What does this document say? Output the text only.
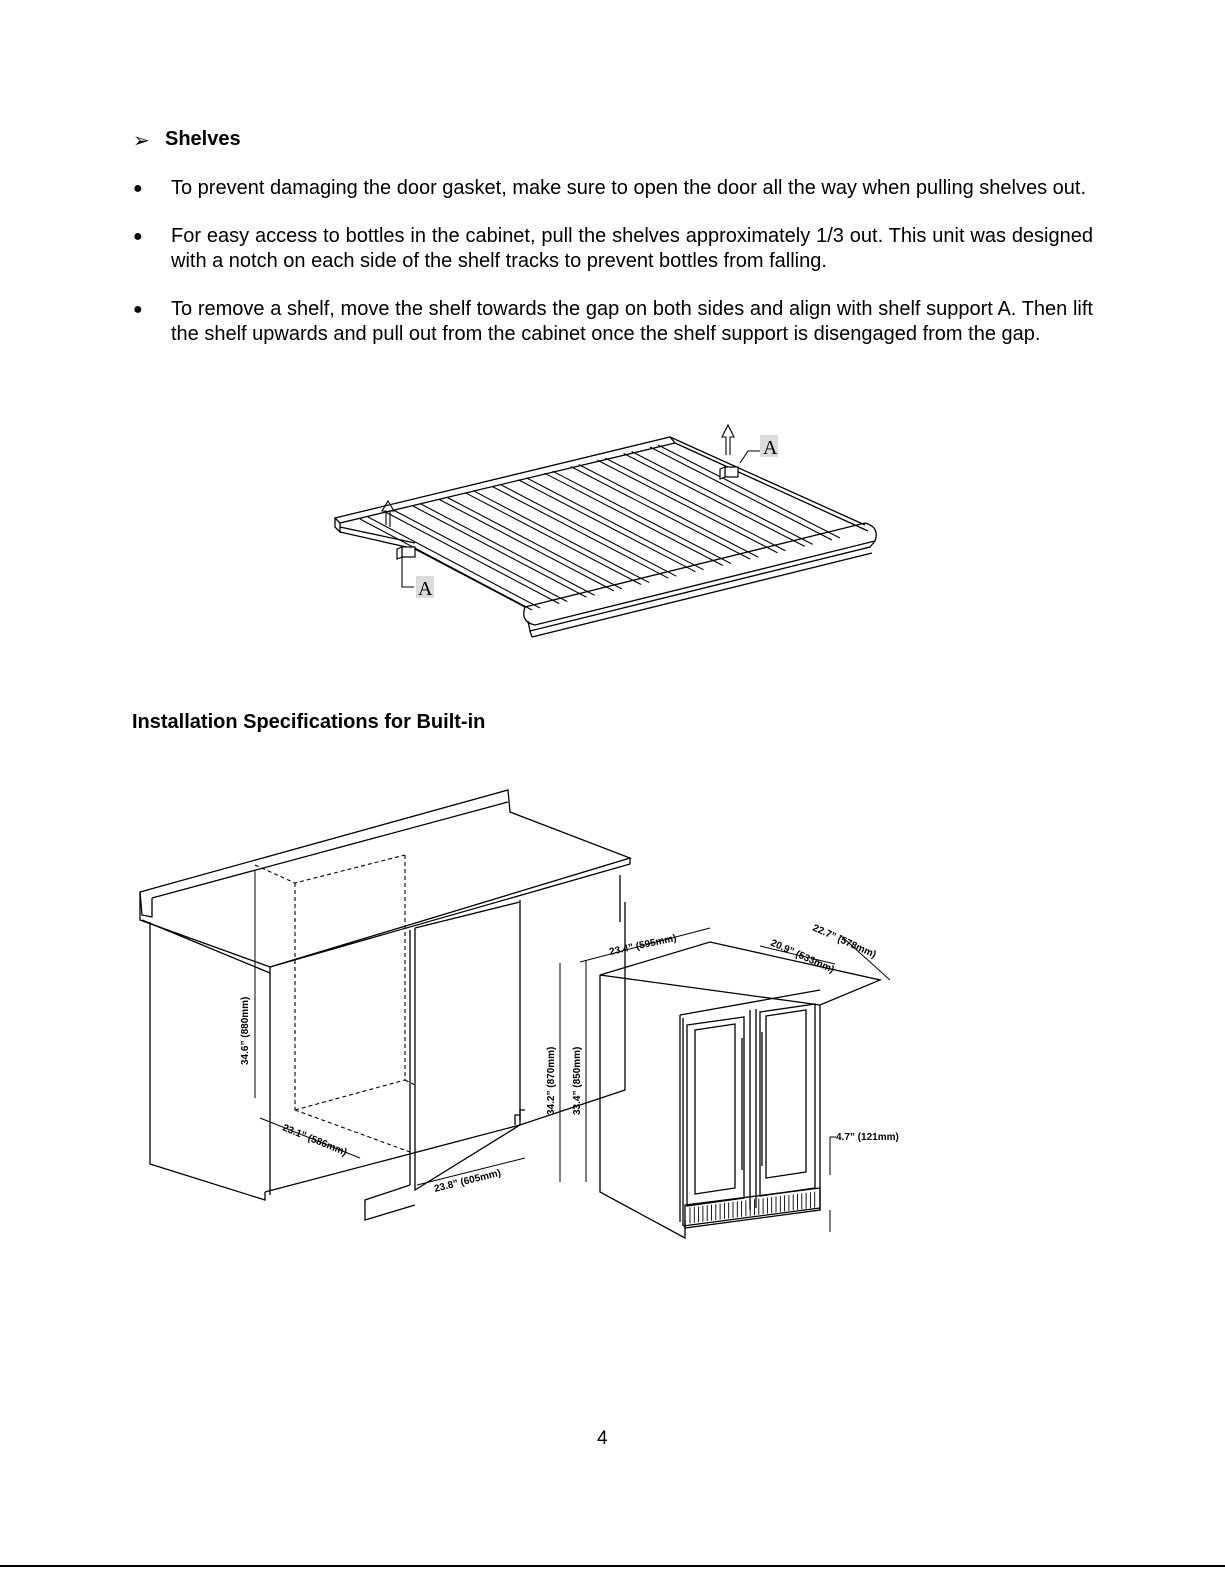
➢ Shelves
● To prevent damaging the door gasket, make sure to open the door all the way when pulling shelves out.
● For easy access to bottles in the cabinet, pull the shelves approximately 1/3 out. This unit was designed with a notch on each side of the shelf tracks to prevent bottles from falling.
● To remove a shelf, move the shelf towards the gap on both sides and align with shelf support A. Then lift the shelf upwards and pull out from the cabinet once the shelf support is disengaged from the gap.
A
A
Installation Specifications for Built-in
34.6” (880mm)
23.1” (586mm)
23.8” (605mm)
23.4” (595mm)	22.7” (578mm)
20.9” (533mm)
34.2” (870mm) 33.4” (850mm)
4.7” (121mm)
4
